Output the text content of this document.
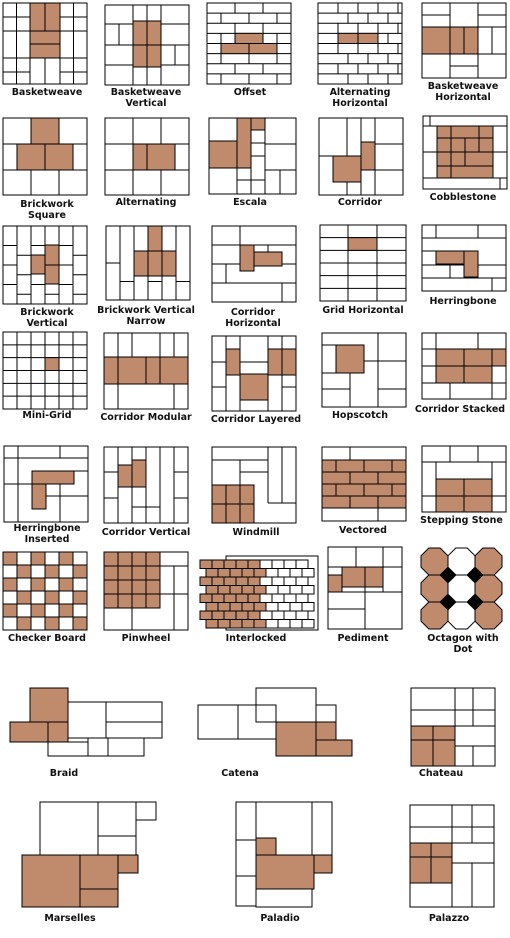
Basketweave	Basketweave Vertical
Offset	Alternating Horizontal
Basketweave Horizontal
Brickwork Square
Alternating	Escala	Corridor	Cobblestone
Brickwork Vertical
Brickwork Vertical Narrow
Corridor Horizontal
Grid Horizontal
Herringbone
Mini-Grid	Corridor Modular	Corridor Layered	Hopscotch
Corridor Stacked
Herringbone Inserted
Corridor Vertical	Windmill	Vectored
Stepping Stone
Checker Board	Pinwheel	Interlocked	Pediment	Octagon with Dot
Braid	Catena	Chateau
Marselles	Paladio	Palazzo
